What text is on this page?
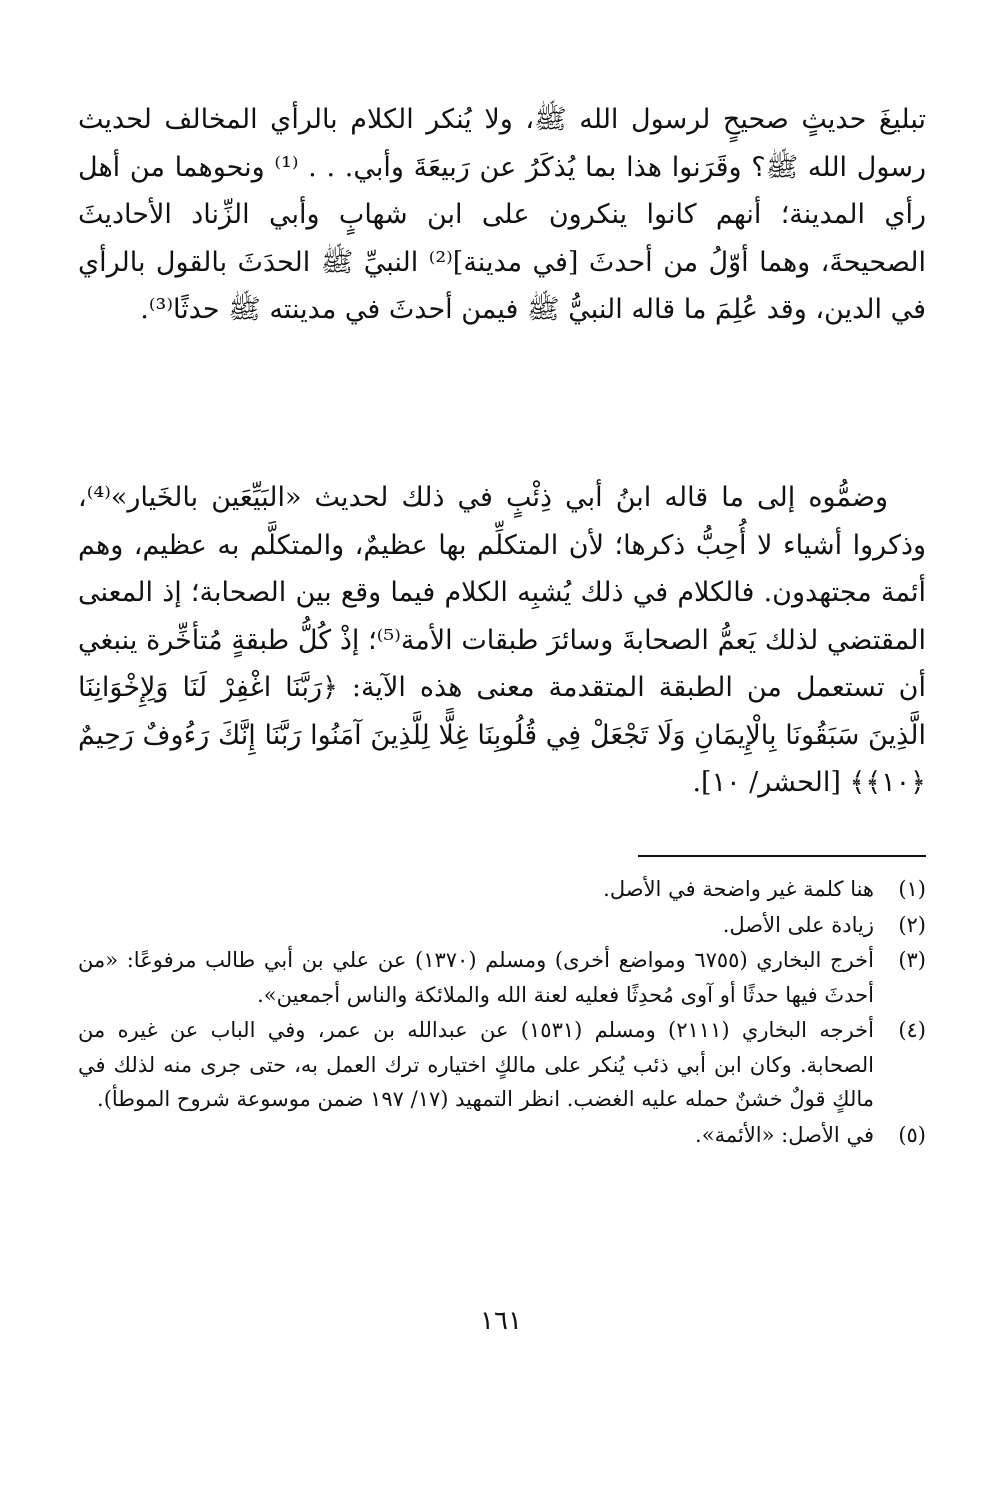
تبليغَ حديثٍ صحيحٍ لرسول الله ﷺ، ولا يُنكر الكلام بالرأي المخالف لحديث رسول الله ﷺ؟ وقَرَنوا هذا بما يُذكَرُ عن رَبيعَةَ وأبي. . . ⁽¹⁾ ونحوهما من أهل رأي المدينة؛ أنهم كانوا ينكرون على ابن شهابٍ وأبي الزِّناد الأحاديثَ الصحيحةَ، وهما أوّلُ من أحدثَ [في مدينة]⁽²⁾ النبيِّ ﷺ الحدَثَ بالقول بالرأي في الدين، وقد عُلِمَ ما قاله النبيُّ ﷺ فيمن أحدثَ في مدينته ﷺ حدثًا⁽³⁾.

وضمُّوه إلى ما قاله ابنُ أبي ذِئْبٍ في ذلك لحديث «البَيِّعَين بالخَيار»⁽⁴⁾، وذكروا أشياء لا أُحِبُّ ذكرها؛ لأن المتكلِّم بها عظيمٌ، والمتكلَّم به عظيم، وهم أئمة مجتهدون. فالكلام في ذلك يُشبِه الكلام فيما وقع بين الصحابة؛ إذ المعنى المقتضي لذلك يَعمُّ الصحابةَ وسائرَ طبقات الأمة⁽⁵⁾؛ إذْ كُلُّ طبقةٍ مُتأخِّرة ينبغي أن تستعمل من الطبقة المتقدمة معنى هذه الآية: ﴿رَبَّنَا اغْفِرْ لَنَا وَلِإِخْوَانِنَا الَّذِينَ سَبَقُونَا بِالْإِيمَانِ وَلَا تَجْعَلْ فِي قُلُوبِنَا غِلًّا لِلَّذِينَ آمَنُوا رَبَّنَا إِنَّكَ رَءُوفٌ رَحِيمٌ ﴿١٠﴾﴾ [الحشر/ ١٠].

(١)
هنا كلمة غير واضحة في الأصل.
(٢)
زيادة على الأصل.
(٣)
أخرج البخاري (٦٧٥٥ ومواضع أخرى) ومسلم (١٣٧٠) عن علي بن أبي طالب مرفوعًا: «من أحدثَ فيها حدثًا أو آوى مُحدِثًا فعليه لعنة الله والملائكة والناس أجمعين».
(٤)
أخرجه البخاري (٢١١١) ومسلم (١٥٣١) عن عبدالله بن عمر، وفي الباب عن غيره من الصحابة. وكان ابن أبي ذئب يُنكر على مالكٍ اختياره ترك العمل به، حتى جرى منه لذلك في مالكٍ قولٌ خشنٌ حمله عليه الغضب. انظر التمهيد (١٧/ ١٩٧ ضمن موسوعة شروح الموطأ).
(٥)
في الأصل: «الأئمة».
١٦١
